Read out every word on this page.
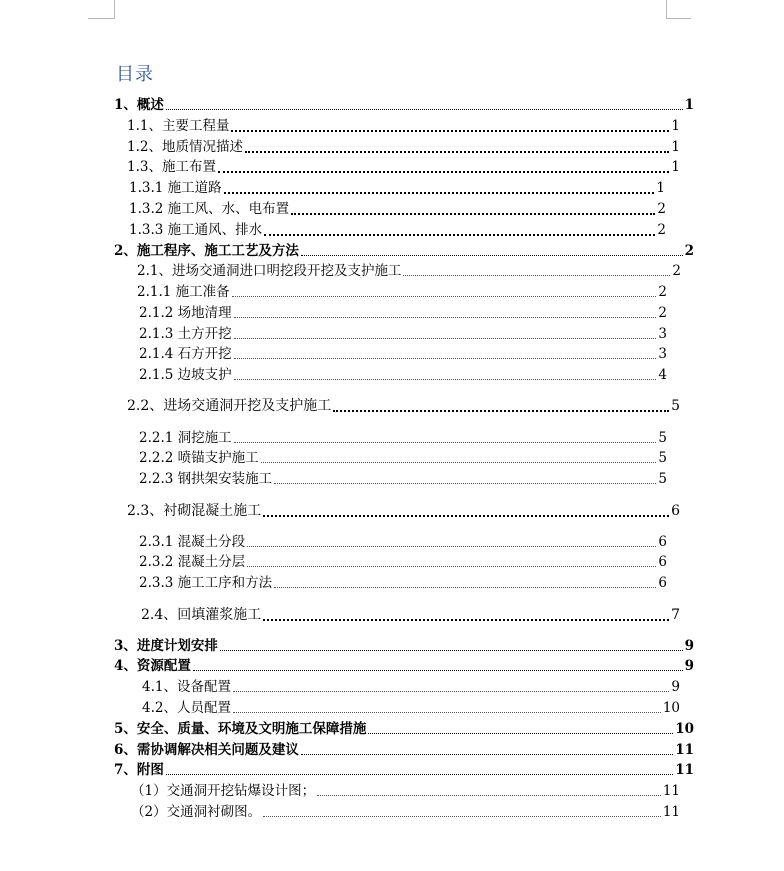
目录
1、概述	1
1.1、主要工程量	1
1.2、地质情况描述	1
1.3、施工布置	1
1.3.1 施工道路	1
1.3.2 施工风、水、电布置	2
1.3.3 施工通风、排水	2
2、施工程序、施工工艺及方法	2
2.1、进场交通洞进口明挖段开挖及支护施工	2
2.1.1 施工准备	2
2.1.2 场地清理	2
2.1.3 土方开挖	3
2.1.4 石方开挖	3
2.1.5 边坡支护	4
2.2、进场交通洞开挖及支护施工	5
2.2.1 洞挖施工	5
2.2.2 喷锚支护施工	5
2.2.3 钢拱架安装施工	5
2.3、衬砌混凝土施工	6
2.3.1 混凝土分段	6
2.3.2 混凝土分层	6
2.3.3 施工工序和方法	6
2.4、回填灌浆施工	7
3、进度计划安排	9
4、资源配置	9
4.1、设备配置	9
4.2、人员配置	10
5、安全、质量、环境及文明施工保障措施	10
6、需协调解决相关问题及建议	11
7、附图	11
（1）交通洞开挖钻爆设计图；	11
（2）交通洞衬砌图。	11
